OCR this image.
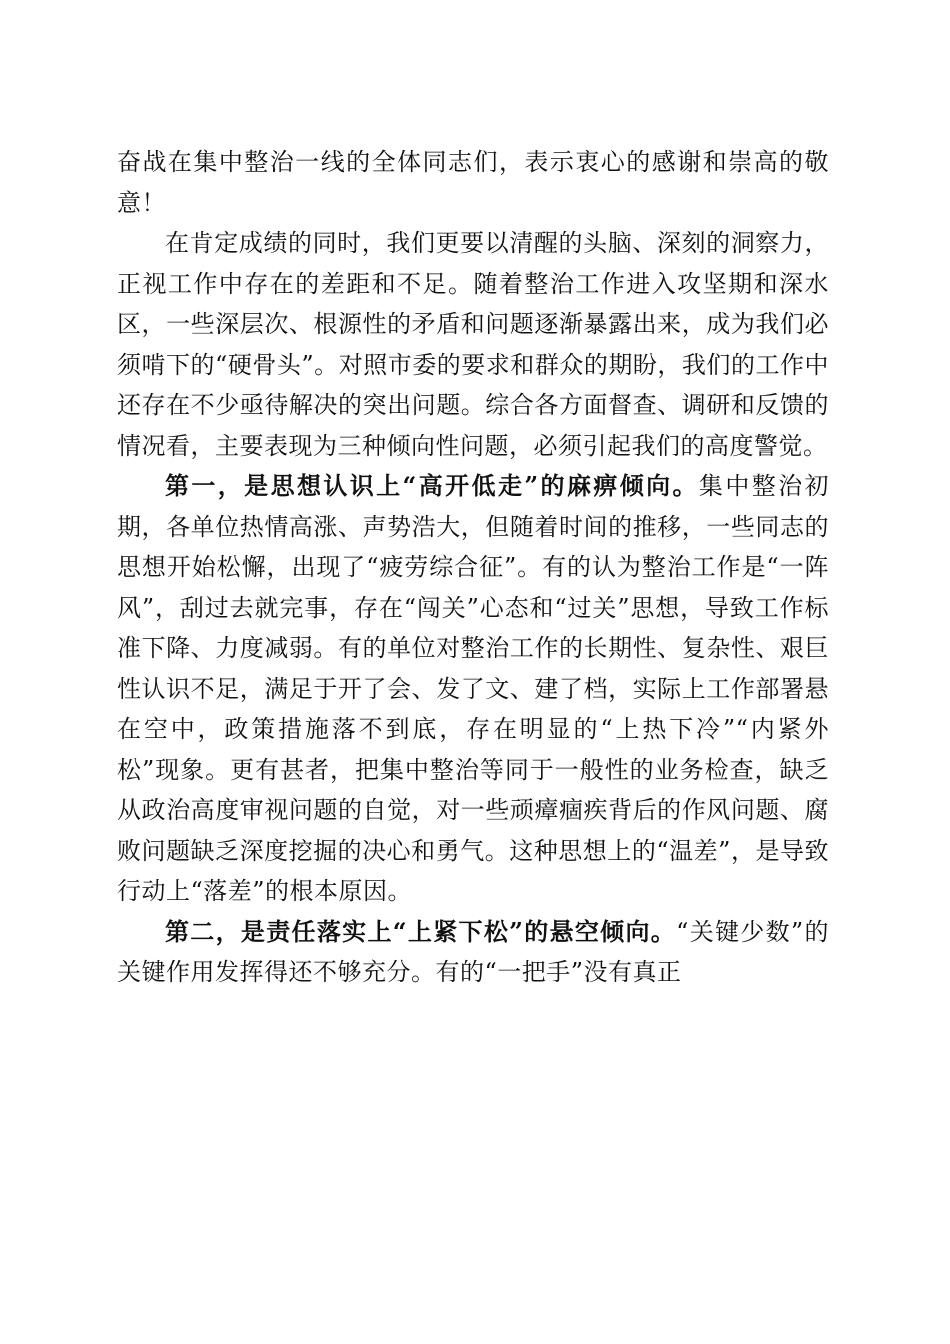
奋战在集中整治一线的全体同志们，表示衷心的感谢和崇高的敬意！

在肯定成绩的同时，我们更要以清醒的头脑、深刻的洞察力，正视工作中存在的差距和不足。随着整治工作进入攻坚期和深水区，一些深层次、根源性的矛盾和问题逐渐暴露出来，成为我们必须啃下的“硬骨头”。对照市委的要求和群众的期盼，我们的工作中还存在不少亟待解决的突出问题。综合各方面督查、调研和反馈的情况看，主要表现为三种倾向性问题，必须引起我们的高度警觉。

第一，是思想认识上“高开低走”的麻痹倾向。集中整治初期，各单位热情高涨、声势浩大，但随着时间的推移，一些同志的思想开始松懈，出现了“疲劳综合征”。有的认为整治工作是“一阵风”，刮过去就完事，存在“闯关”心态和“过关”思想，导致工作标准下降、力度减弱。有的单位对整治工作的长期性、复杂性、艰巨性认识不足，满足于开了会、发了文、建了档，实际上工作部署悬在空中，政策措施落不到底，存在明显的“上热下冷”“内紧外松”现象。更有甚者，把集中整治等同于一般性的业务检查，缺乏从政治高度审视问题的自觉，对一些顽瘴痼疾背后的作风问题、腐败问题缺乏深度挖掘的决心和勇气。这种思想上的“温差”，是导致行动上“落差”的根本原因。

第二，是责任落实上“上紧下松”的悬空倾向。“关键少数”的关键作用发挥得还不够充分。有的“一把手”没有真正
